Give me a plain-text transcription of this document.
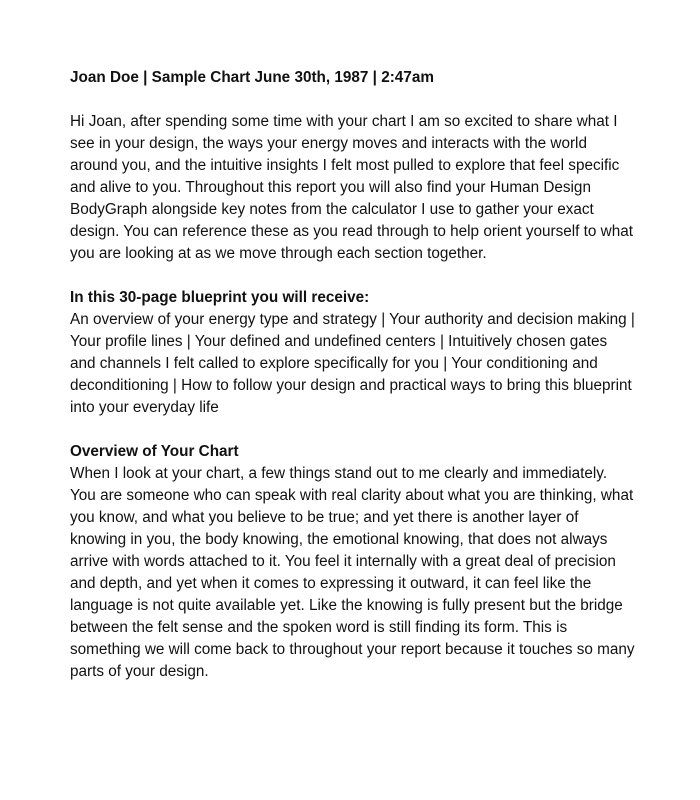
Joan Doe | Sample Chart June 30th, 1987 | 2:47am

Hi Joan, after spending some time with your chart I am so excited to share what I see in your design, the ways your energy moves and interacts with the world around you, and the intuitive insights I felt most pulled to explore that feel specific and alive to you. Throughout this report you will also find your Human Design BodyGraph alongside key notes from the calculator I use to gather your exact design. You can reference these as you read through to help orient yourself to what you are looking at as we move through each section together.

In this 30-page blueprint you will receive:

An overview of your energy type and strategy | Your authority and decision making | Your profile lines | Your defined and undefined centers | Intuitively chosen gates and channels I felt called to explore specifically for you | Your conditioning and deconditioning | How to follow your design and practical ways to bring this blueprint into your everyday life

Overview of Your Chart

When I look at your chart, a few things stand out to me clearly and immediately. You are someone who can speak with real clarity about what you are thinking, what you know, and what you believe to be true; and yet there is another layer of knowing in you, the body knowing, the emotional knowing, that does not always arrive with words attached to it. You feel it internally with a great deal of precision and depth, and yet when it comes to expressing it outward, it can feel like the language is not quite available yet. Like the knowing is fully present but the bridge between the felt sense and the spoken word is still finding its form. This is something we will come back to throughout your report because it touches so many parts of your design.
